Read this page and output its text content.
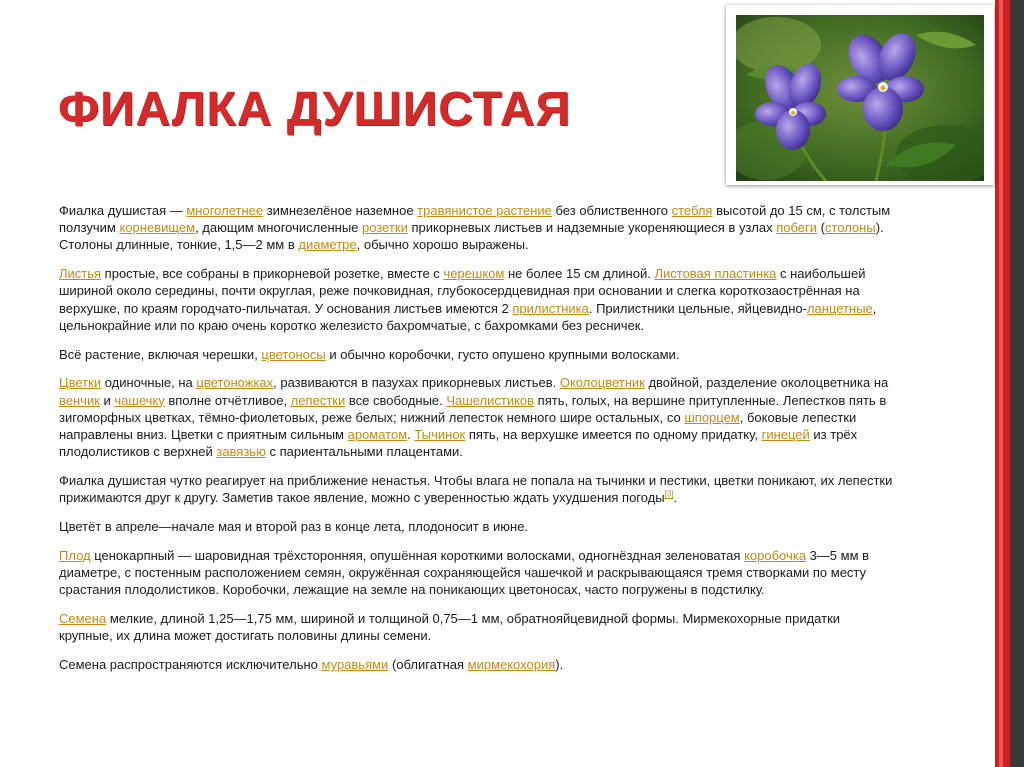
ФИАЛКА ДУШИСТАЯ

Фиалка душистая — многолетнее зимнезелёное наземное травянистое растение без облиственного стебля высотой до 15 см, с толстым ползучим корневищем, дающим многочисленные розетки прикорневых листьев и надземные укореняющиеся в узлах побеги (столоны). Столоны длинные, тонкие, 1,5—2 мм в диаметре, обычно хорошо выражены.

Листья простые, все собраны в прикорневой розетке, вместе с черешком не более 15 см длиной. Листовая пластинка с наибольшей шириной около середины, почти округлая, реже почковидная, глубокосердцевидная при основании и слегка короткозаострённая на верхушке, по краям городчато-пильчатая. У основания листьев имеются 2 прилистника. Прилистники цельные, яйцевидно-ланцетные, цельнокрайние или по краю очень коротко железисто бахромчатые, с бахромками без ресничек.

Всё растение, включая черешки, цветоносы и обычно коробочки, густо опушено крупными волосками.

Цветки одиночные, на цветоножках, развиваются в пазухах прикорневых листьев. Околоцветник двойной, разделение околоцветника на венчик и чашечку вполне отчётливое, лепестки все свободные. Чашелистиков пять, голых, на вершине притупленные. Лепестков пять в зигоморфных цветках, тёмно-фиолетовых, реже белых; нижний лепесток немного шире остальных, со шпорцем, боковые лепестки направлены вниз. Цветки с приятным сильным ароматом. Тычинок пять, на верхушке имеется по одному придатку, гинецей из трёх плодолистиков с верхней завязью с париентальными плацентами.

Фиалка душистая чутко реагирует на приближение ненастья. Чтобы влага не попала на тычинки и пестики, цветки поникают, их лепестки прижимаются друг к другу. Заметив такое явление, можно с уверенностью ждать ухудшения погоды[3].

Цветёт в апреле—начале мая и второй раз в конце лета, плодоносит в июне.

Плод ценокарпный — шаровидная трёхсторонняя, опушённая короткими волосками, одногнёздная зеленоватая коробочка 3—5 мм в диаметре, с постенным расположением семян, окружённая сохраняющейся чашечкой и раскрывающаяся тремя створками по месту срастания плодолистиков. Коробочки, лежащие на земле на поникающих цветоносах, часто погружены в подстилку.

Семена мелкие, длиной 1,25—1,75 мм, шириной и толщиной 0,75—1 мм, обратнояйцевидной формы. Мирмекохорные придатки крупные, их длина может достигать половины длины семени.

Семена распространяются исключительно муравьями (облигатная мирмекохория).
